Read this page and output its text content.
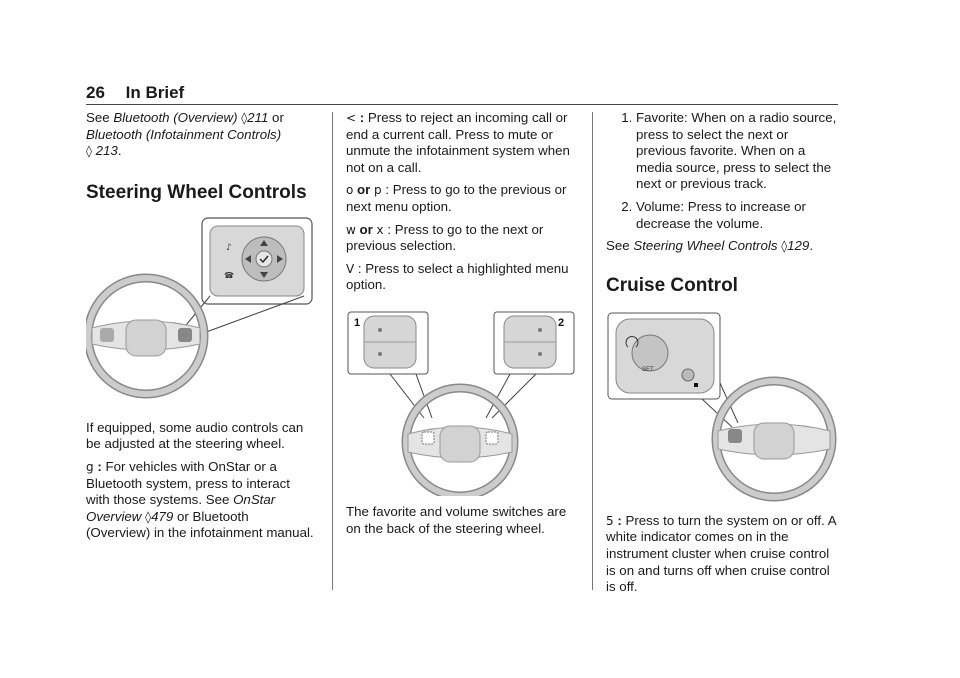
26 In Brief

See Bluetooth (Overview) ◊211 or
Bluetooth (Infotainment Controls)
◊ 213.

Steering Wheel Controls

♪
☎

If equipped, some audio controls can be adjusted at the steering wheel.

g : For vehicles with OnStar or a Bluetooth system, press to interact with those systems. See OnStar Overview ◊479 or Bluetooth (Overview) in the infotainment manual.

< : Press to reject an incoming call or end a current call. Press to mute or unmute the infotainment system when not on a call.

o or p : Press to go to the previous or next menu option.

w or x : Press to go to the next or previous selection.

V : Press to select a highlighted menu option.

1	2

The favorite and volume switches are on the back of the steering wheel.

1. Favorite: When on a radio source, press to select the next or previous favorite. When on a media source, press to select the next or previous track.
2. Volume: Press to increase or decrease the volume.

See Steering Wheel Controls ◊129.

Cruise Control

SET

5 : Press to turn the system on or off. A white indicator comes on in the instrument cluster when cruise control is on and turns off when cruise control is off.
